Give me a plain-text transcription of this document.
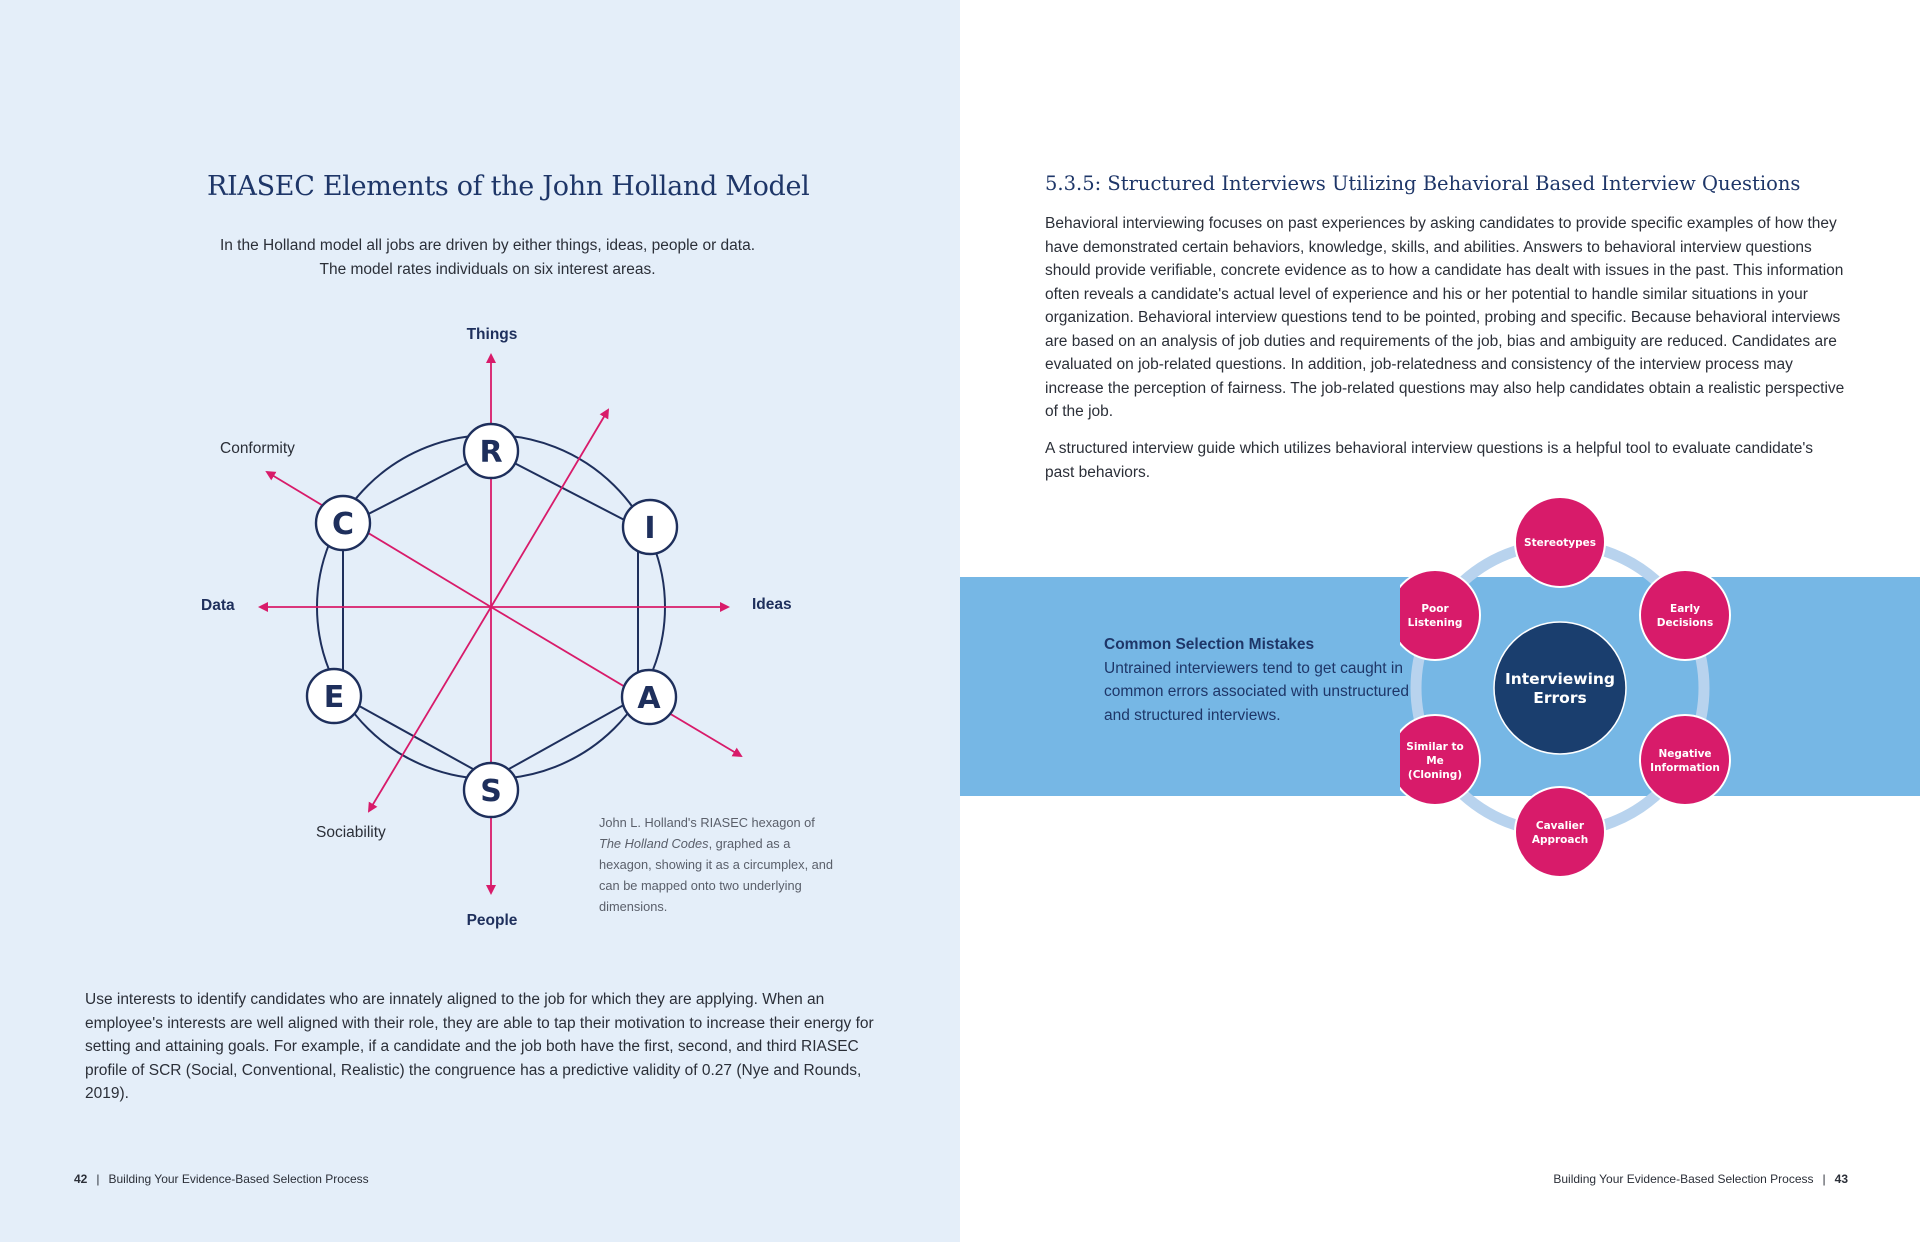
RIASEC Elements of the John Holland Model

In the Holland model all jobs are driven by either things, ideas, people or data.
The model rates individuals on six interest areas.

R
I
A
S
E
C
Things
Ideas
People
Data
Conformity
Sociability

John L. Holland's RIASEC hexagon of The Holland Codes, graphed as a hexagon, showing it as a circumplex, and can be mapped onto two underlying dimensions.

Use interests to identify candidates who are innately aligned to the job for which they are applying. When an employee's interests are well aligned with their role, they are able to tap their motivation to increase their energy for setting and attaining goals. For example, if a candidate and the job both have the first, second, and third RIASEC profile of SCR (Social, Conventional, Realistic) the congruence has a predictive validity of 0.27 (Nye and Rounds, 2019).

42 | Building Your Evidence-Based Selection Process
5.3.5: Structured Interviews Utilizing Behavioral Based Interview Questions

Behavioral interviewing focuses on past experiences by asking candidates to provide specific examples of how they have demonstrated certain behaviors, knowledge, skills, and abilities. Answers to behavioral interview questions should provide verifiable, concrete evidence as to how a candidate has dealt with issues in the past. This information often reveals a candidate's actual level of experience and his or her potential to handle similar situations in your organization. Behavioral interview questions tend to be pointed, probing and specific. Because behavioral interviews are based on an analysis of job duties and requirements of the job, bias and ambiguity are reduced. Candidates are evaluated on job-related questions. In addition, job-relatedness and consistency of the interview process may increase the perception of fairness. The job-related questions may also help candidates obtain a realistic perspective of the job.

A structured interview guide which utilizes behavioral interview questions is a helpful tool to evaluate candidate's past behaviors.

Common Selection Mistakes
Untrained interviewers tend to get caught in common errors associated with unstructured and structured interviews.
Interviewing
Errors
Stereotypes
Early
Decisions
Negative
Information
Cavalier
Approach
Similar to
Me
(Cloning)
Poor
Listening
Building Your Evidence-Based Selection Process | 43
